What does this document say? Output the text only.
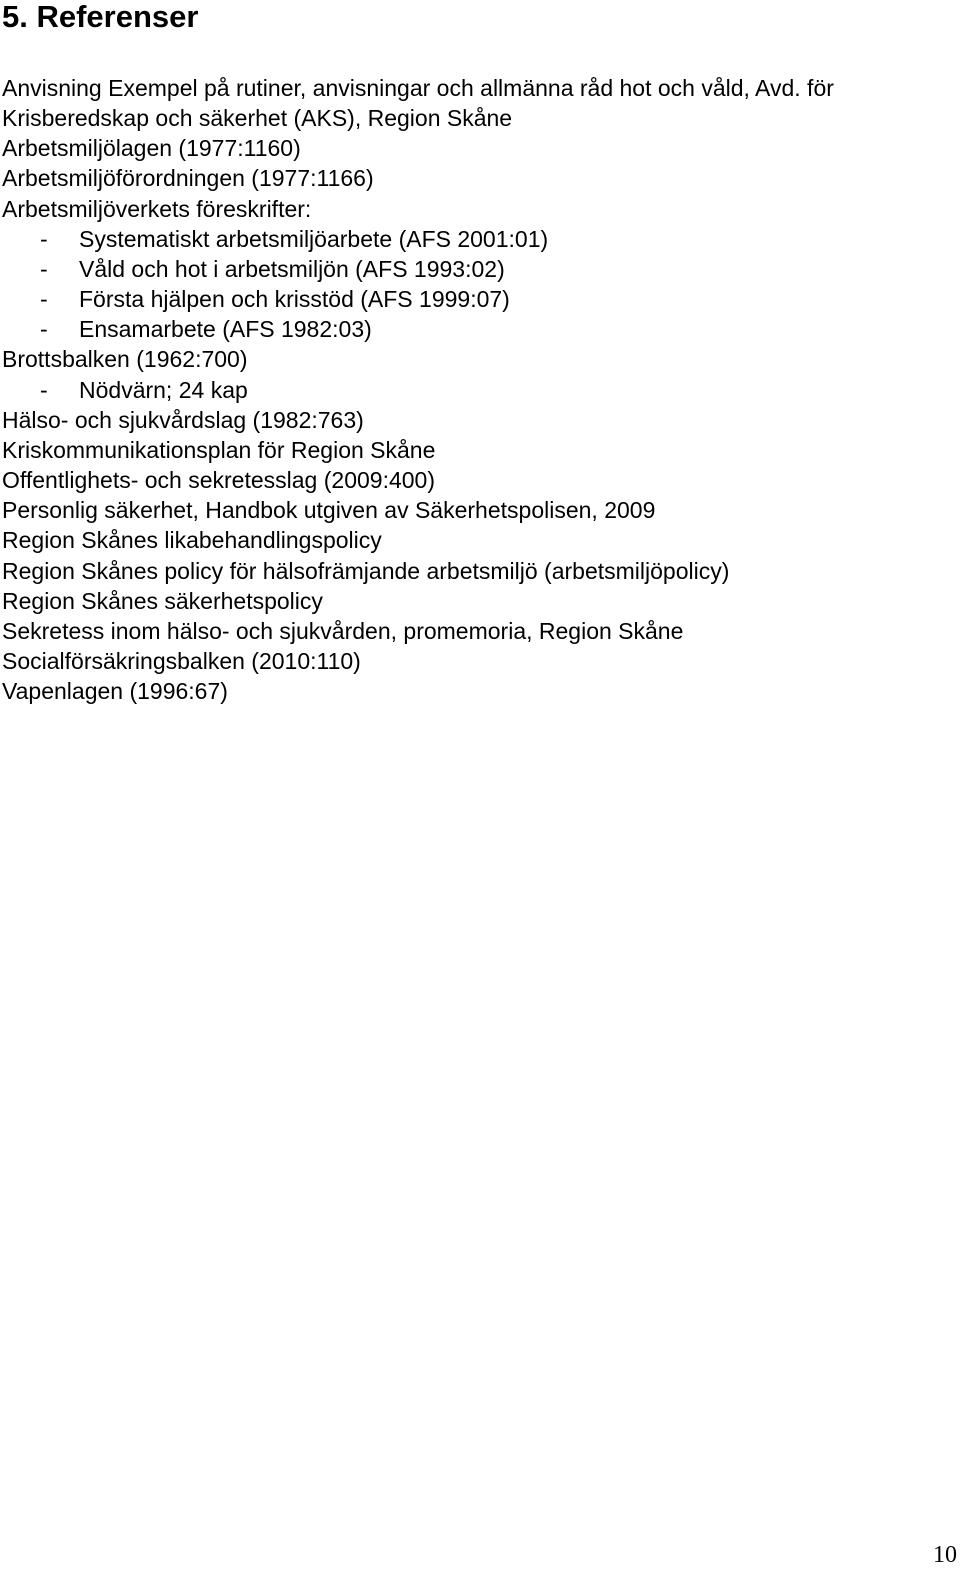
5. Referenser
Anvisning Exempel på rutiner, anvisningar och allmänna råd hot och våld, Avd. för Krisberedskap och säkerhet (AKS), Region Skåne
Arbetsmiljölagen (1977:1160)
Arbetsmiljöförordningen (1977:1166)
Arbetsmiljöverkets föreskrifter:
- Systematiskt arbetsmiljöarbete (AFS 2001:01)
- Våld och hot i arbetsmiljön (AFS 1993:02)
- Första hjälpen och krisstöd (AFS 1999:07)
- Ensamarbete (AFS 1982:03)
Brottsbalken (1962:700)
- Nödvärn; 24 kap
Hälso- och sjukvårdslag (1982:763)
Kriskommunikationsplan för Region Skåne
Offentlighets- och sekretesslag (2009:400)
Personlig säkerhet, Handbok utgiven av Säkerhetspolisen, 2009
Region Skånes likabehandlingspolicy
Region Skånes policy för hälsofrämjande arbetsmiljö (arbetsmiljöpolicy)
Region Skånes säkerhetspolicy
Sekretess inom hälso- och sjukvården, promemoria, Region Skåne
Socialförsäkringsbalken (2010:110)
Vapenlagen (1996:67)
10
